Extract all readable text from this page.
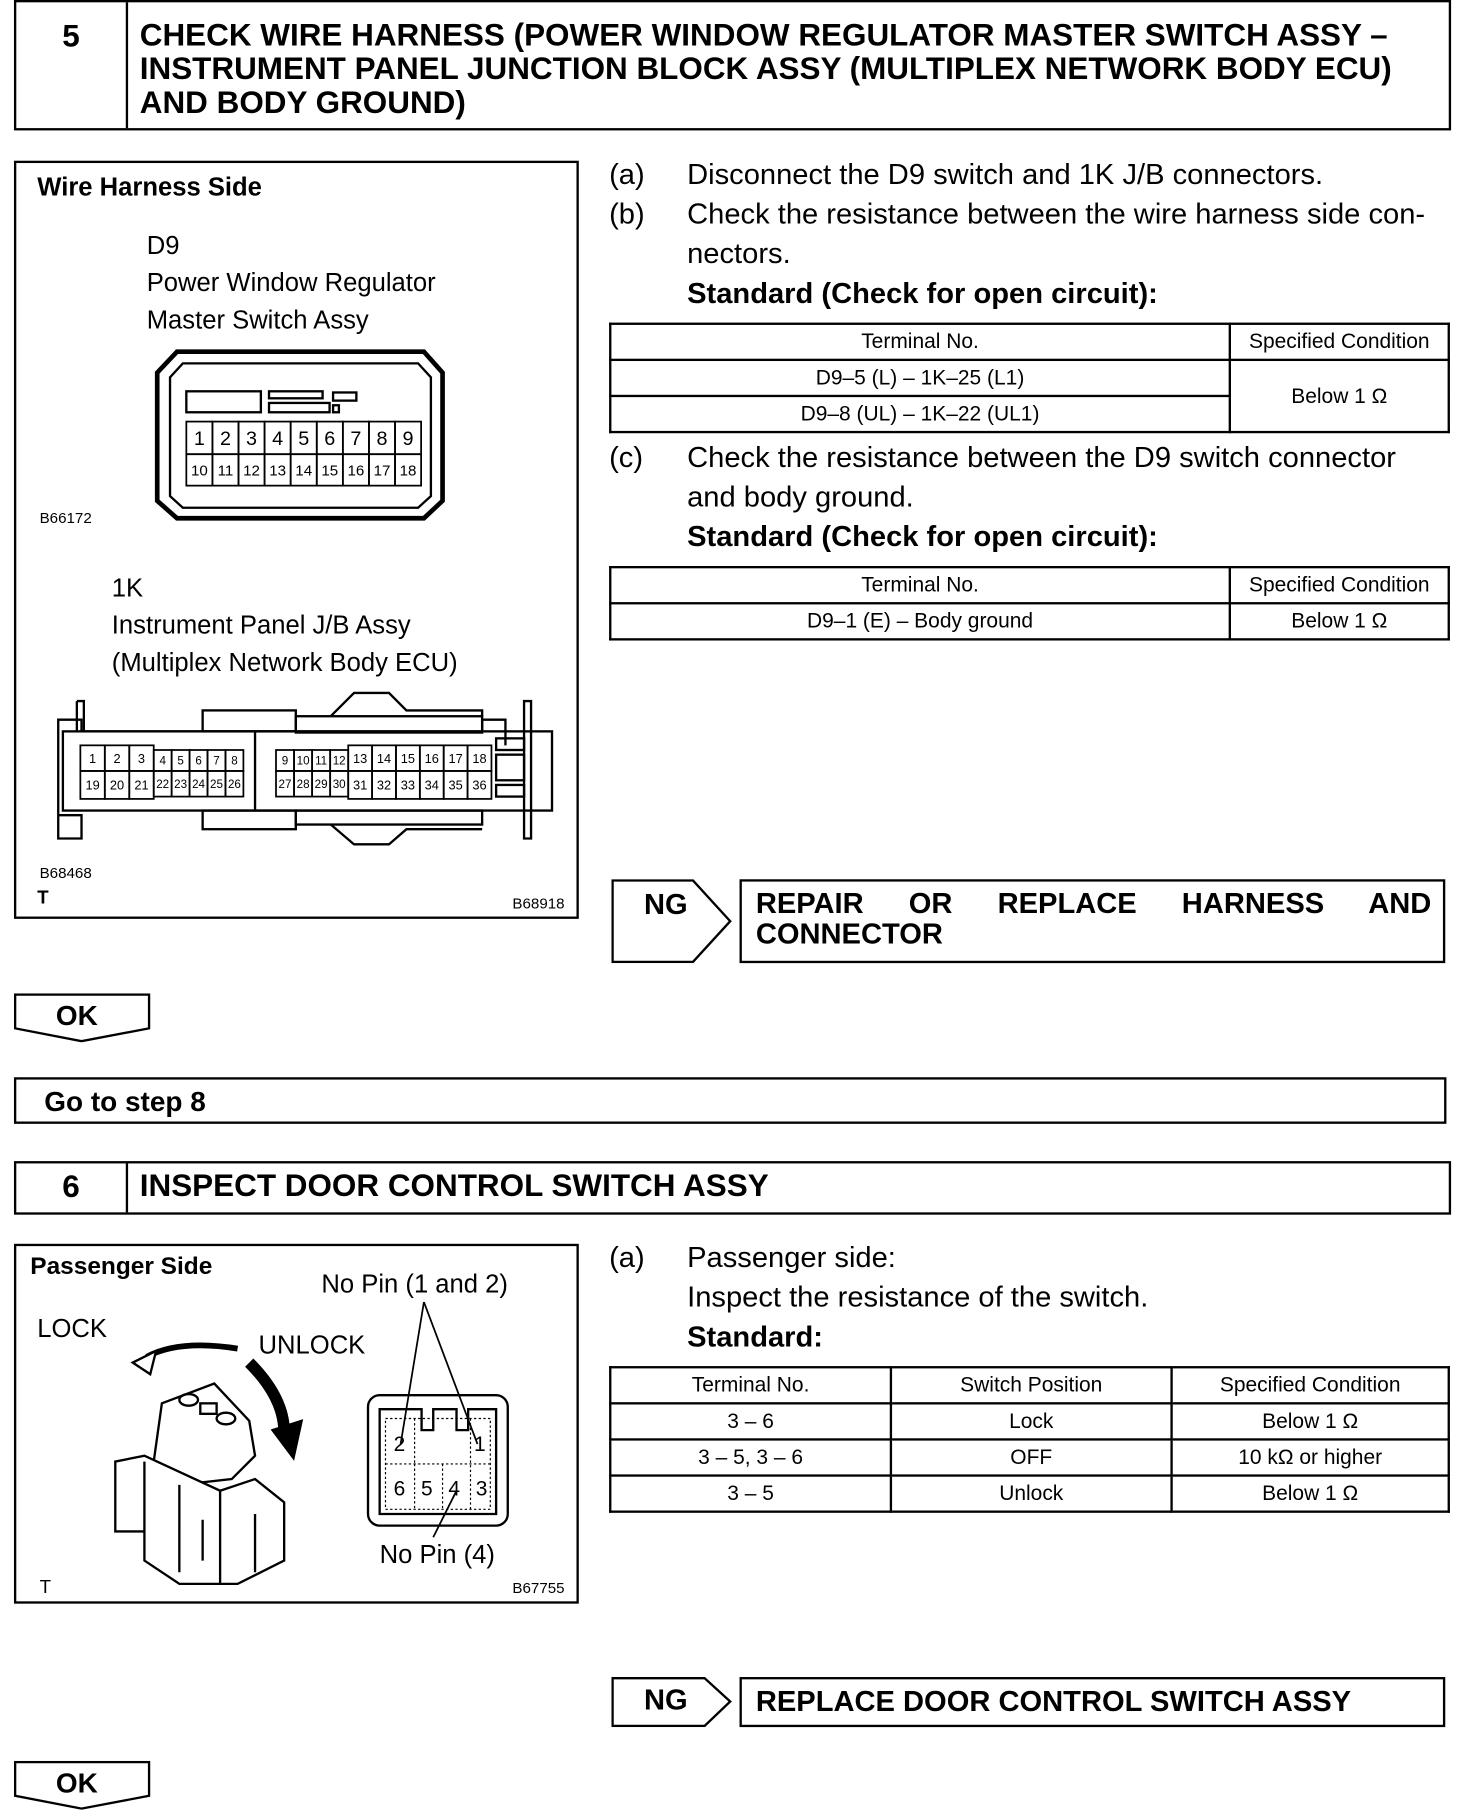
5	CHECK WIRE HARNESS (POWER WINDOW REGULATOR MASTER SWITCH ASSY – INSTRUMENT PANEL JUNCTION BLOCK ASSY (MULTIPLEX NETWORK BODY ECU) AND BODY GROUND)
Wire Harness Side
D9
Power Window Regulator
Master Switch Assy
1 2 3 4 5 6 7 8 9
10 11 12 13 14 15 16 17 18
B66172
1K
Instrument Panel J/B Assy
(Multiplex Network Body ECU)
1 2 3
19 20 21
4 5 6 7 8
22 23 24 25 26
9 10 11 12 13 14 15 16 17 18
27 28 29 30 31 32 33 34 35 36
B68468
T	B68918
(a)	Disconnect the D9 switch and 1K J/B connectors.
(b)	Check the resistance between the wire harness side con-
nectors.
Standard (Check for open circuit):
Terminal No.	Specified Condition
D9–5 (L) – 1K–25 (L1)	Below 1 Ω
D9–8 (UL) – 1K–22 (UL1)	
(c)	Check the resistance between the D9 switch connector
and body ground.
Standard (Check for open circuit):
Terminal No.	Specified Condition
D9–1 (E) – Body ground	Below 1 Ω
NG	REPAIR OR REPLACE HARNESS AND CONNECTOR
OK
Go to step 8
6	INSPECT DOOR CONTROL SWITCH ASSY
Passenger Side
No Pin (1 and 2)
LOCK
UNLOCK
2	1
6 5 4 3
No Pin (4)
T	B67755
(a)	Passenger side:
Inspect the resistance of the switch.
Standard:
Terminal No.	Switch Position	Specified Condition
3 – 6	Lock	Below 1 Ω
3 – 5, 3 – 6	OFF	10 kΩ or higher
3 – 5	Unlock	Below 1 Ω
NG	REPLACE DOOR CONTROL SWITCH ASSY
OK
